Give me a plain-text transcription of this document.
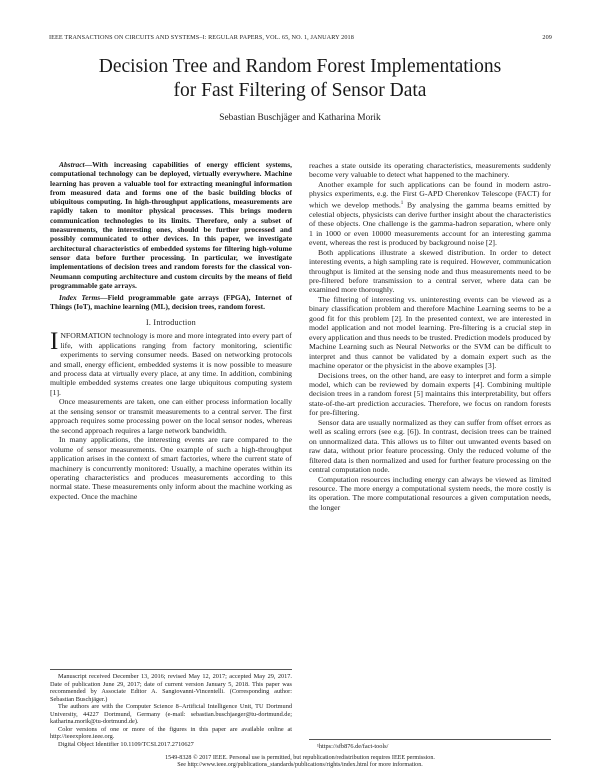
IEEE TRANSACTIONS ON CIRCUITS AND SYSTEMS–I: REGULAR PAPERS, VOL. 65, NO. 1, JANUARY 2018	209
Decision Tree and Random Forest Implementations
for Fast Filtering of Sensor Data
Sebastian Buschjäger and Katharina Morik

Abstract—With increasing capabilities of energy efficient systems, computational technology can be deployed, virtually everywhere. Machine learning has proven a valuable tool for extracting meaningful information from measured data and forms one of the basic building blocks of ubiquitous computing. In high-throughput applications, measurements are rapidly taken to monitor physical processes. This brings modern communication technologies to its limits. Therefore, only a subset of measurements, the interesting ones, should be further processed and possibly communicated to other devices. In this paper, we investigate architectural characteristics of embedded systems for filtering high-volume sensor data before further processing. In particular, we investigate implementations of decision trees and random forests for the classical von-Neumann computing architecture and custom circuits by the means of field programmable gate arrays.

Index Terms—Field programmable gate arrays (FPGA), Internet of Things (IoT), machine learning (ML), decision trees, random forest.

I. Introduction

INFORMATION technology is more and more integrated into every part of life, with applications ranging from factory monitoring, scientific experiments to serving consumer needs. Based on networking protocols and small, energy efficient, embedded systems it is now possible to measure and process data at virtually every place, at any time. In addition, combining multiple embedded systems creates one large ubiquitous computing system [1].

Once measurements are taken, one can either process information locally at the sensing sensor or transmit measurements to a central server. The first approach requires some processing power on the local sensor nodes, whereas the second approach requires a large network bandwidth.

In many applications, the interesting events are rare compared to the volume of sensor measurements. One example of such a high-throughput application arises in the context of smart factories, where the current state of machinery is concurrently monitored: Usually, a machine operates within its operating characteristics and produces measurements according to this normal state. These measurements only inform about the machine working as expected. Once the machine

Manuscript received December 13, 2016; revised May 12, 2017; accepted May 29, 2017. Date of publication June 29, 2017; date of current version January 5, 2018. This paper was recommended by Associate Editor A. Sangiovanni-Vincentelli. (Corresponding author: Sebastian Buschjäger.)

The authors are with the Computer Science 8–Artificial Intelligence Unit, TU Dortmund University, 44227 Dortmund, Germany (e-mail: sebastian.buschjaeger@tu-dortmund.de; katharina.morik@tu-dortmund.de).

Color versions of one or more of the figures in this paper are available online at http://ieeexplore.ieee.org.

Digital Object Identifier 10.1109/TCSI.2017.2710627

reaches a state outside its operating characteristics, measurements suddenly become very valuable to detect what happened to the machinery.

Another example for such applications can be found in modern astro-physics experiments, e.g. the First G-APD Cherenkov Telescope (FACT) for which we develop methods.$^1$ By analysing the gamma beams emitted by celestial objects, physicists can derive further insight about the characteristics of these objects. One challenge is the gamma-hadron separation, where only 1 in 1000 or even 10000 measurements account for an interesting gamma event, whereas the rest is produced by background noise [2].

Both applications illustrate a skewed distribution. In order to detect interesting events, a high sampling rate is required. However, communication throughput is limited at the sensing node and thus measurements need to be pre-filtered before transmission to a central server, where data can be examined more thoroughly.

The filtering of interesting vs. uninteresting events can be viewed as a binary classification problem and therefore Machine Learning seems to be a good fit for this problem [2]. In the presented context, we are interested in model application and not model learning. Pre-filtering is a crucial step in every application and thus needs to be trusted. Prediction models produced by Machine Learning such as Neural Networks or the SVM can be difficult to interpret and thus cannot be validated by a domain expert such as the machine operator or the physicist in the above examples [3].

Decisions trees, on the other hand, are easy to interpret and form a simple model, which can be reviewed by domain experts [4]. Combining multiple decision trees in a random forest [5] maintains this interpretability, but offers state-of-the-art prediction accuracies. Therefore, we focus on random forests for pre-filtering.

Sensor data are usually normalized as they can suffer from offset errors as well as scaling errors (see e.g. [6]). In contrast, decision trees can be trained on unnormalized data. This allows us to filter out unwanted events based on raw data, without prior feature processing. Only the reduced volume of the filtered data is then normalized and used for further feature processing on the central computation node.

Computation resources including energy can always be viewed as limited resource. The more energy a computational system needs, the more costly is its operation. The more computational resources a given computation needs, the longer

¹https://sfb876.de/fact-tools/

1549-8328 © 2017 IEEE. Personal use is permitted, but republication/redistribution requires IEEE permission.
See http://www.ieee.org/publications_standards/publications/rights/index.html for more information.
